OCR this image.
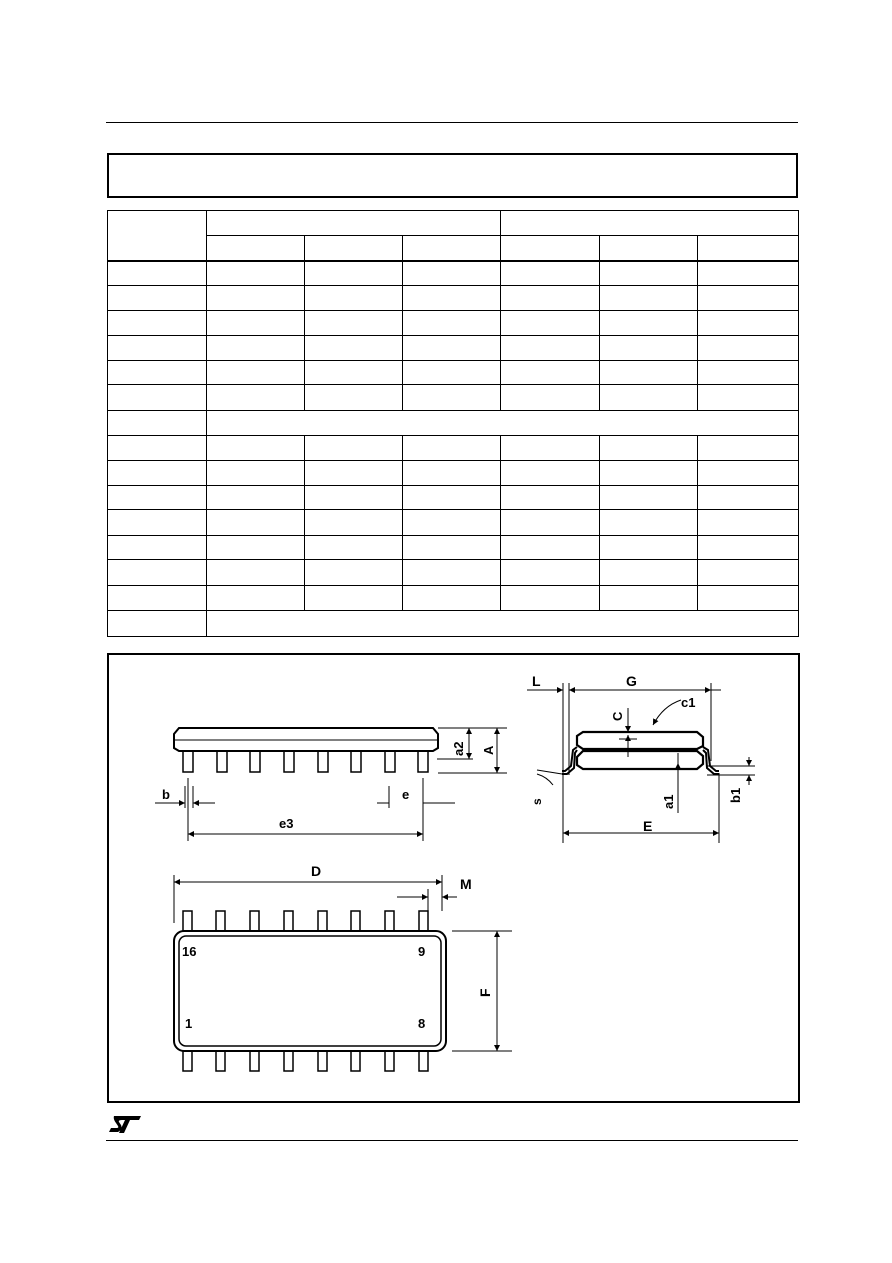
L	G
c1
C
a2 A
a1	b1
s
b	e
e3	E
D
M
F
16	9
1	8
